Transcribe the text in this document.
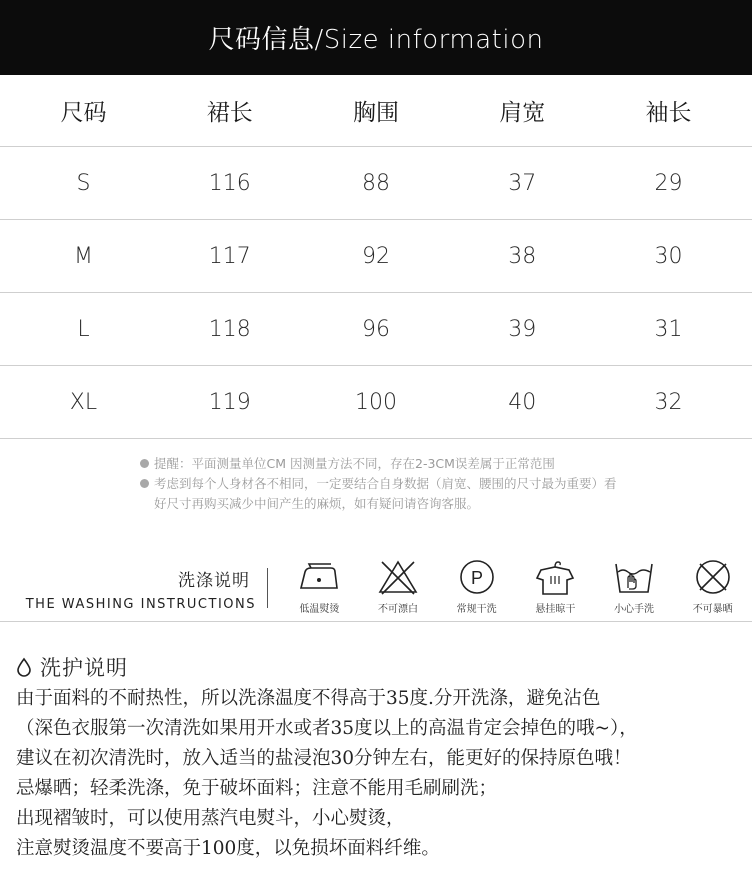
尺码信息/Size information
尺码	裙长	胸围	肩宽	袖长
S	116	88	37	29
M	117	92	38	30
L	118	96	39	31
XL	119	100	40	32
提醒：平面测量单位CM 因测量方法不同，存在2-3CM误差属于正常范围
考虑到每个人身材各不相同，一定要结合自身数据（肩宽、腰围的尺寸最为重要）看好尺寸再购买减少中间产生的麻烦，如有疑问请咨询客服。
洗涤说明
THE WASHING INSTRUCTIONS	低温熨烫	不可漂白
P
常规干洗	悬挂晾干	小心手洗	不可暴晒
洗护说明
由于面料的不耐热性，所以洗涤温度不得高于35度.分开洗涤，避免沾色
（深色衣服第一次清洗如果用开水或者35度以上的高温肯定会掉色的哦~），
建议在初次清洗时，放入适当的盐浸泡30分钟左右，能更好的保持原色哦！
忌爆晒；轻柔洗涤，免于破坏面料；注意不能用毛刷刷洗；
出现褶皱时，可以使用蒸汽电熨斗，小心熨烫，
注意熨烫温度不要高于100度，以免损坏面料纤维。
